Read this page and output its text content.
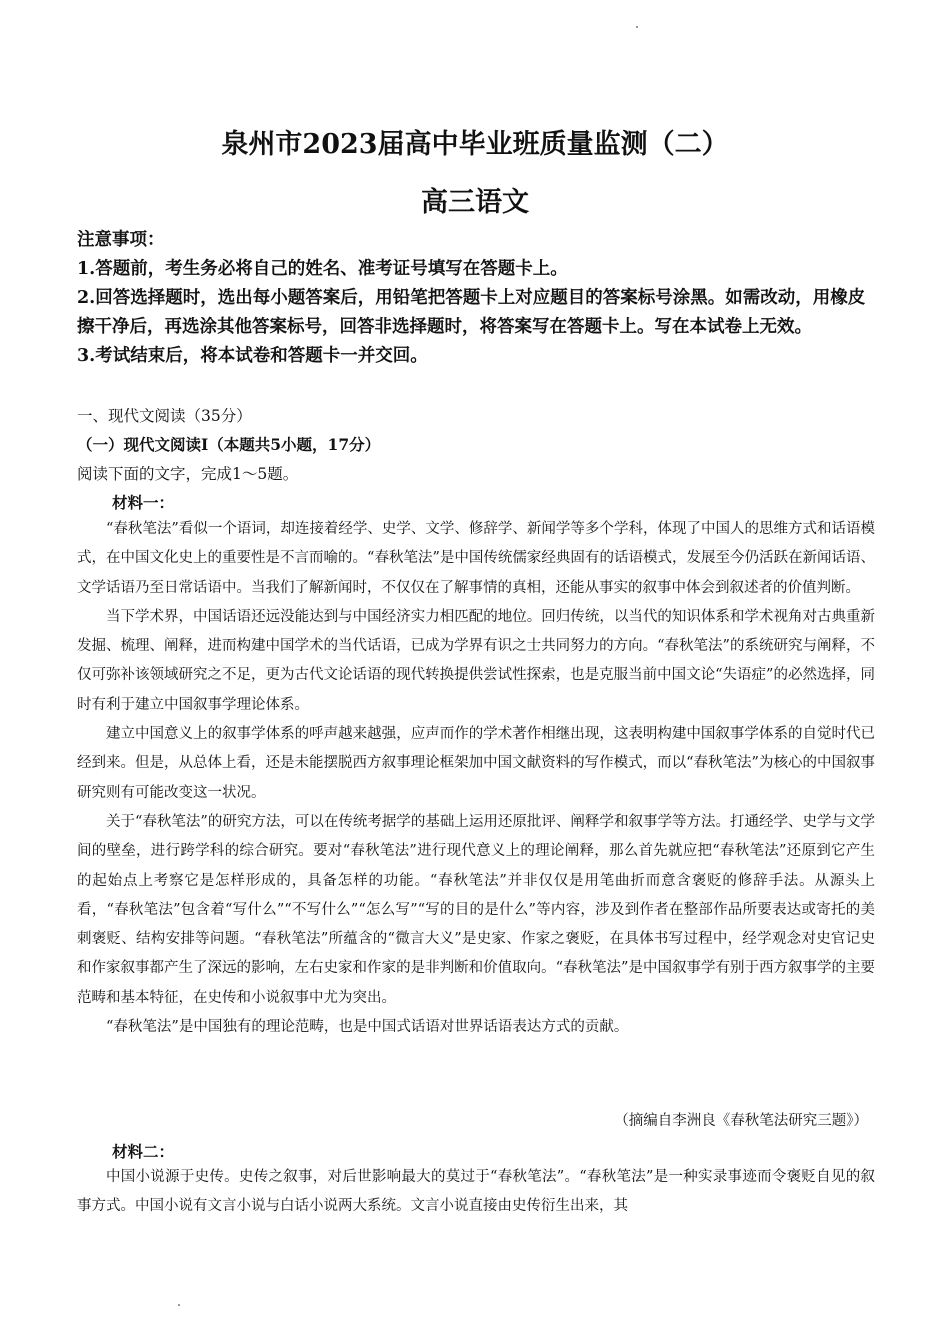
泉州市2023届高中毕业班质量监测（二）
高三语文
注意事项：
1.答题前，考生务必将自己的姓名、准考证号填写在答题卡上。
2.回答选择题时，选出每小题答案后，用铅笔把答题卡上对应题目的答案标号涂黑。如需改动，用橡皮擦干净后，再选涂其他答案标号，回答非选择题时，将答案写在答题卡上。写在本试卷上无效。
3.考试结束后，将本试卷和答题卡一并交回。
一、现代文阅读（35分）
（一）现代文阅读Ⅰ（本题共5小题，17分）
阅读下面的文字，完成1～5题。
材料一：

“春秋笔法”看似一个语词，却连接着经学、史学、文学、修辞学、新闻学等多个学科，体现了中国人的思维方式和话语模式，在中国文化史上的重要性是不言而喻的。“春秋笔法”是中国传统儒家经典固有的话语模式，发展至今仍活跃在新闻话语、文学话语乃至日常话语中。当我们了解新闻时，不仅仅在了解事情的真相，还能从事实的叙事中体会到叙述者的价值判断。

当下学术界，中国话语还远没能达到与中国经济实力相匹配的地位。回归传统，以当代的知识体系和学术视角对古典重新发掘、梳理、阐释，进而构建中国学术的当代话语，已成为学界有识之士共同努力的方向。“春秋笔法”的系统研究与阐释，不仅可弥补该领域研究之不足，更为古代文论话语的现代转换提供尝试性探索，也是克服当前中国文论“失语症”的必然选择，同时有利于建立中国叙事学理论体系。

建立中国意义上的叙事学体系的呼声越来越强，应声而作的学术著作相继出现，这表明构建中国叙事学体系的自觉时代已经到来。但是，从总体上看，还是未能摆脱西方叙事理论框架加中国文献资料的写作模式，而以“春秋笔法”为核心的中国叙事研究则有可能改变这一状况。

关于“春秋笔法”的研究方法，可以在传统考据学的基础上运用还原批评、阐释学和叙事学等方法。打通经学、史学与文学间的壁垒，进行跨学科的综合研究。要对“春秋笔法”进行现代意义上的理论阐释，那么首先就应把“春秋笔法”还原到它产生的起始点上考察它是怎样形成的，具备怎样的功能。“春秋笔法”并非仅仅是用笔曲折而意含褒贬的修辞手法。从源头上看，“春秋笔法”包含着“写什么”“不写什么”“怎么写”“写的目的是什么”等内容，涉及到作者在整部作品所要表达或寄托的美刺褒贬、结构安排等问题。“春秋笔法”所蕴含的“微言大义”是史家、作家之褒贬，在具体书写过程中，经学观念对史官记史和作家叙事都产生了深远的影响，左右史家和作家的是非判断和价值取向。“春秋笔法”是中国叙事学有别于西方叙事学的主要范畴和基本特征，在史传和小说叙事中尤为突出。

“春秋笔法”是中国独有的理论范畴，也是中国式话语对世界话语表达方式的贡献。

（摘编自李洲良《春秋笔法研究三题》）
材料二：

中国小说源于史传。史传之叙事，对后世影响最大的莫过于“春秋笔法”。“春秋笔法”是一种实录事迹而令褒贬自见的叙事方式。中国小说有文言小说与白话小说两大系统。文言小说直接由史传衍生出来，其
